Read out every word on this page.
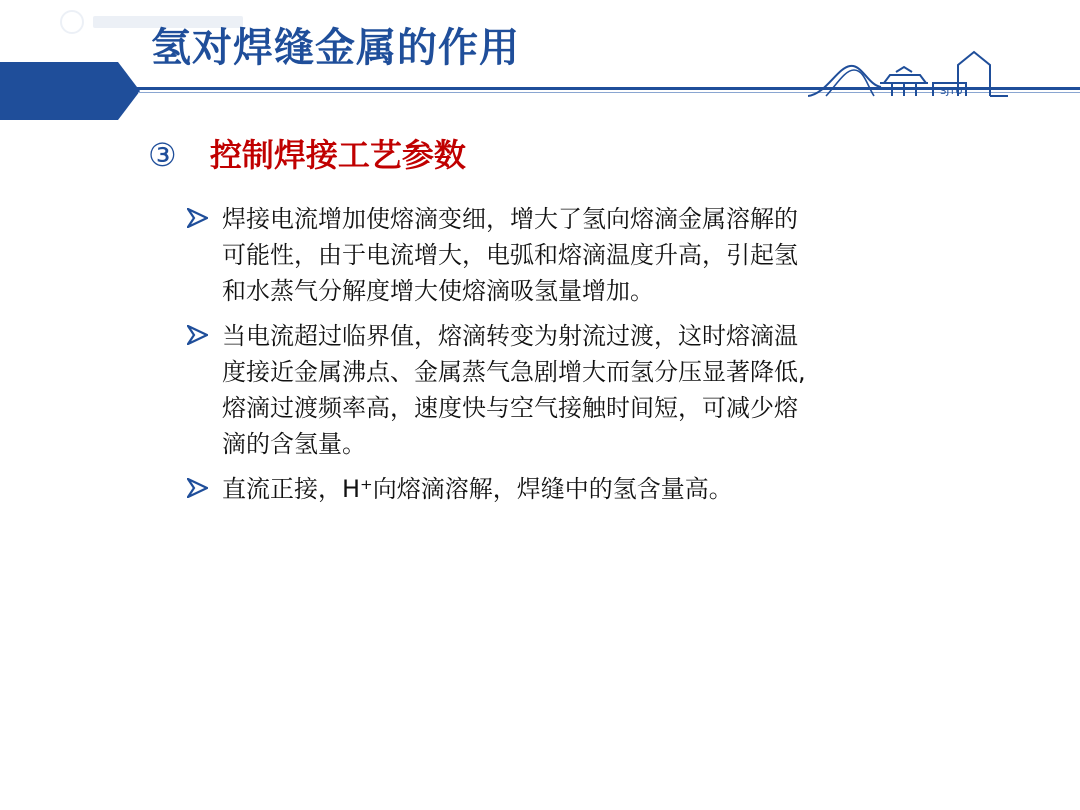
氢对焊缝金属的作用
SJTU
③ 控制焊接工艺参数
焊接电流增加使熔滴变细，增大了氢向熔滴金属溶解的
可能性，由于电流增大，电弧和熔滴温度升高，引起氢
和水蒸气分解度增大使熔滴吸氢量增加。
当电流超过临界值，熔滴转变为射流过渡，这时熔滴温
度接近金属沸点、金属蒸气急剧增大而氢分压显著降低,
熔滴过渡频率高，速度快与空气接触时间短，可减少熔
滴的含氢量。
直流正接，H⁺向熔滴溶解，焊缝中的氢含量高。
